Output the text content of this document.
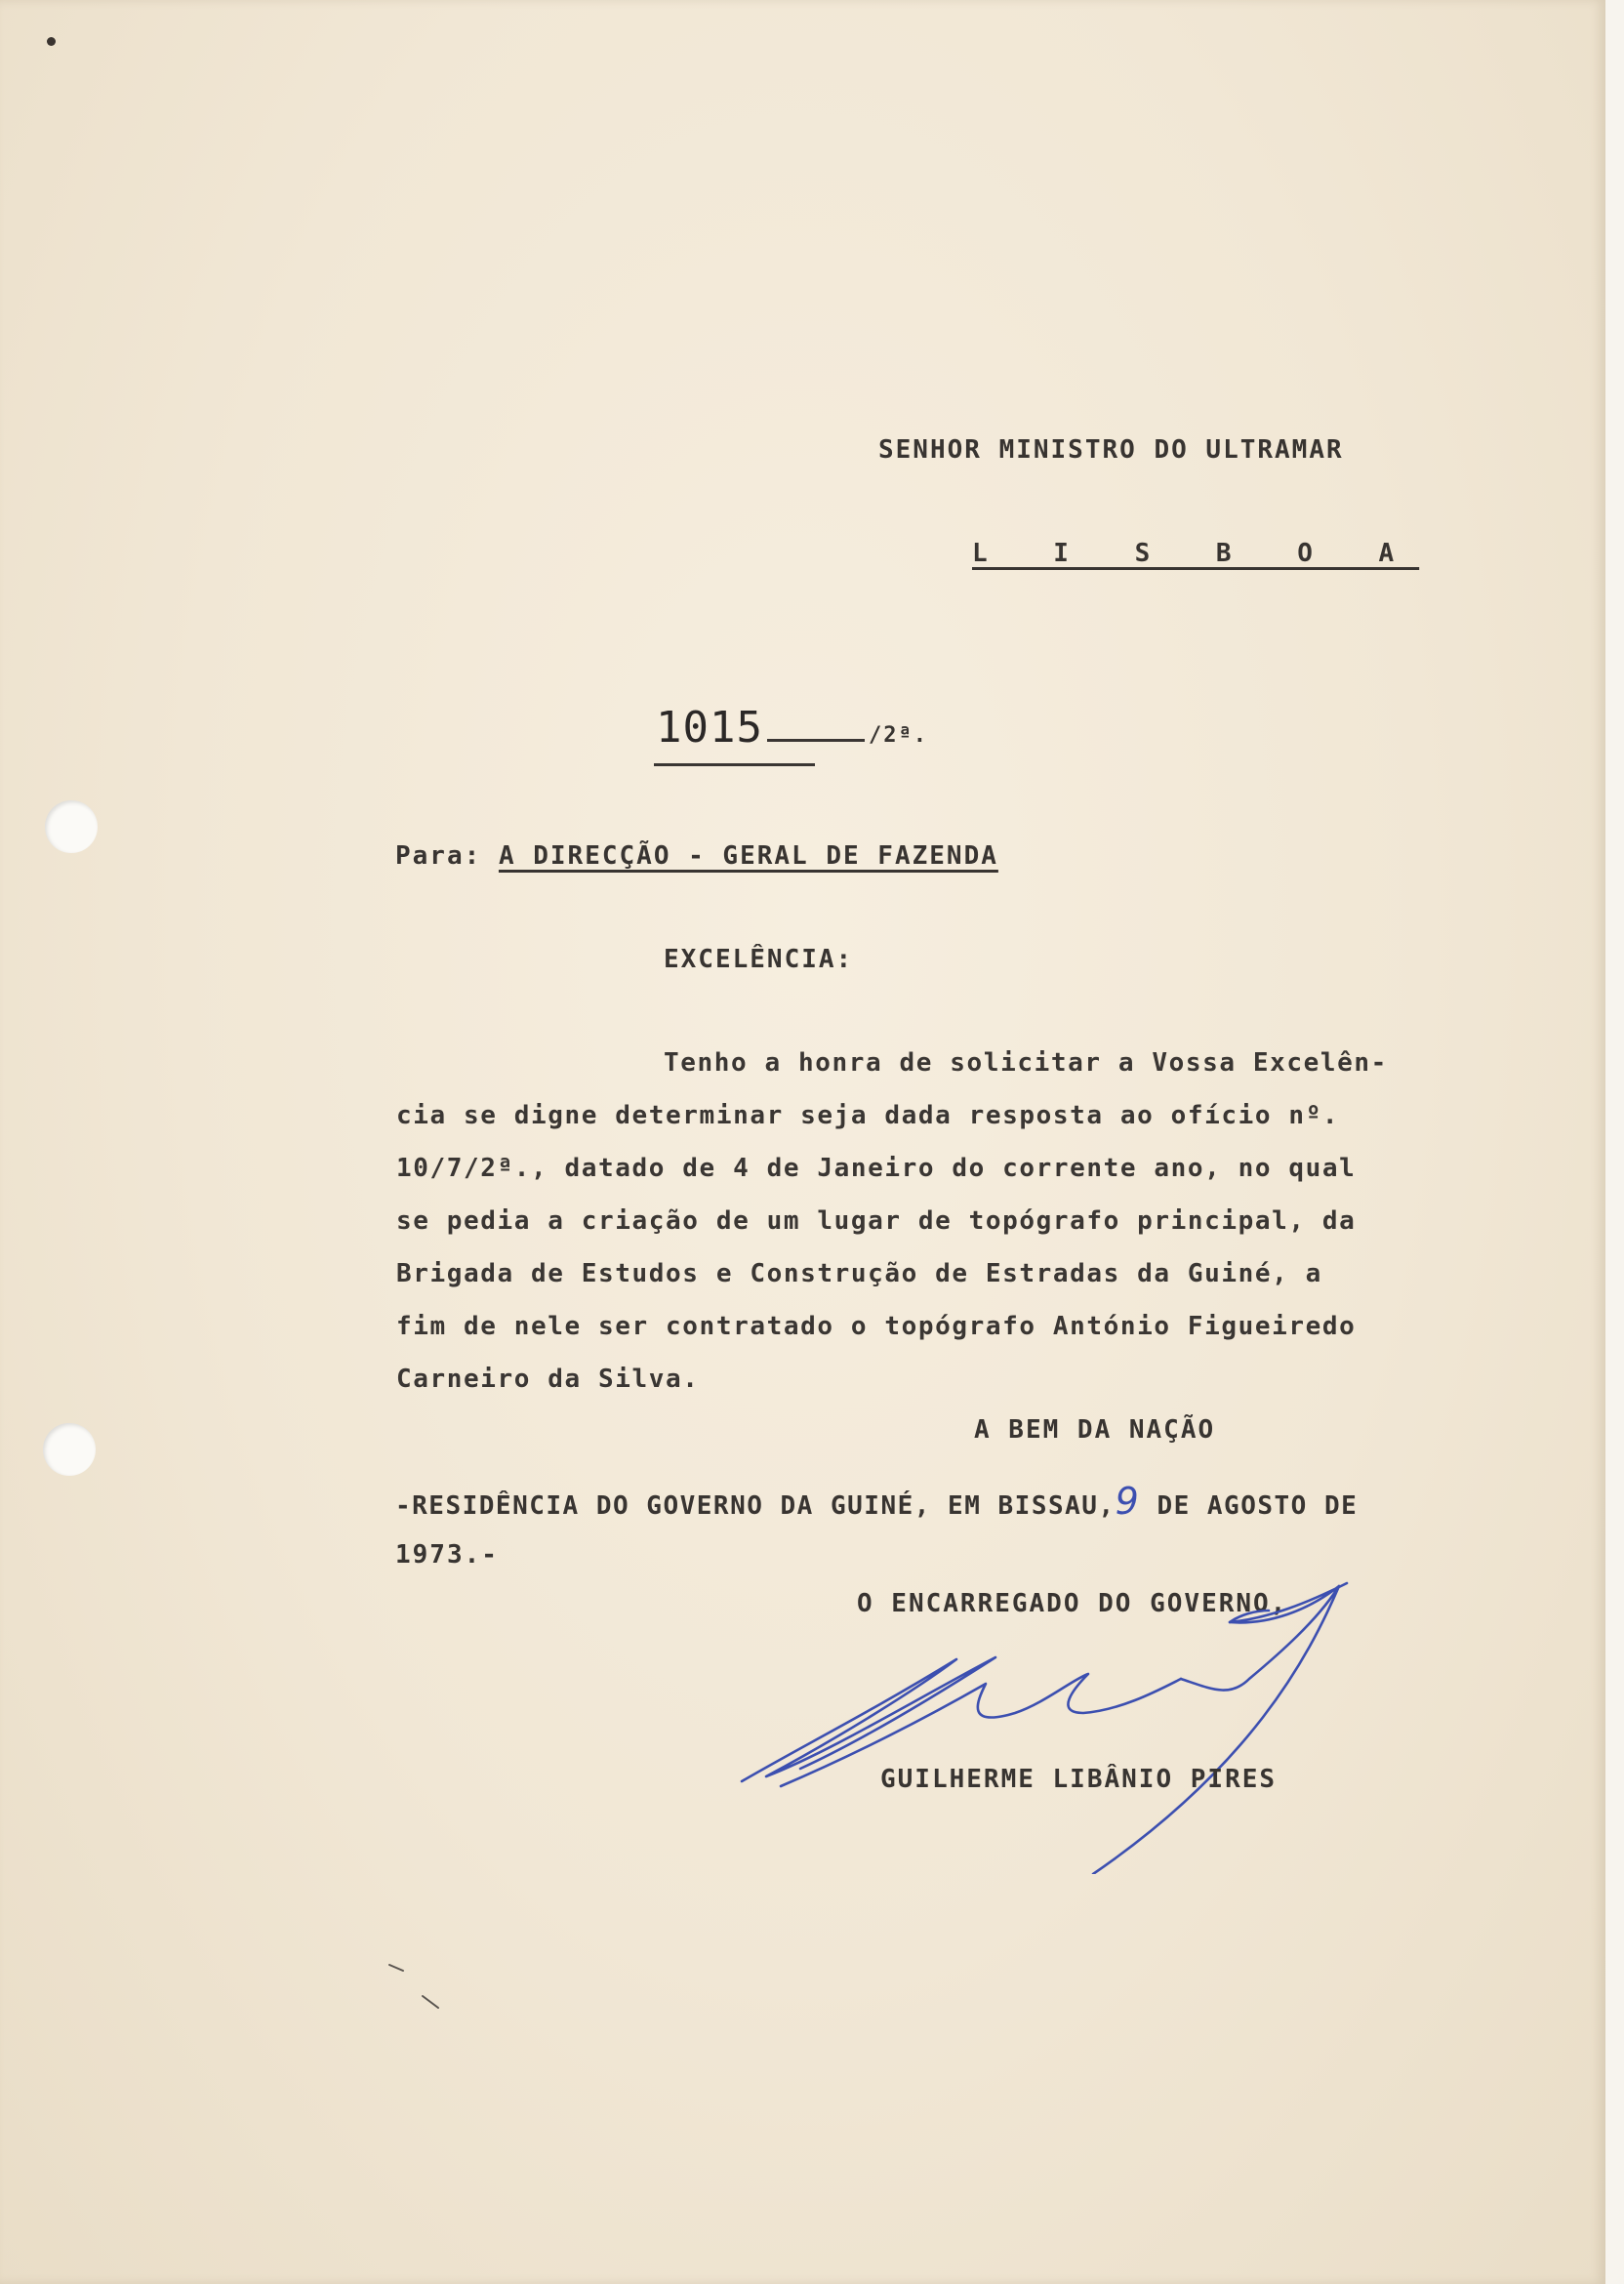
SENHOR MINISTRO DO ULTRAMAR
L I S B O A
1015	/2ª.
Para: A DIRECÇÃO - GERAL DE FAZENDA
EXCELÊNCIA:
Tenho a honra de solicitar a Vossa Excelên-
cia se digne determinar seja dada resposta ao ofício nº.
10/7/2ª., datado de 4 de Janeiro do corrente ano, no qual
se pedia a criação de um lugar de topógrafo principal, da
Brigada de Estudos e Construção de Estradas da Guiné, a
fim de nele ser contratado o topógrafo António Figueiredo
Carneiro da Silva.
A BEM DA NAÇÃO
-RESIDÊNCIA DO GOVERNO DA GUINÉ, EM BISSAU,9 DE AGOSTO DE
1973.-
O ENCARREGADO DO GOVERNO,
GUILHERME LIBÂNIO PIRES
